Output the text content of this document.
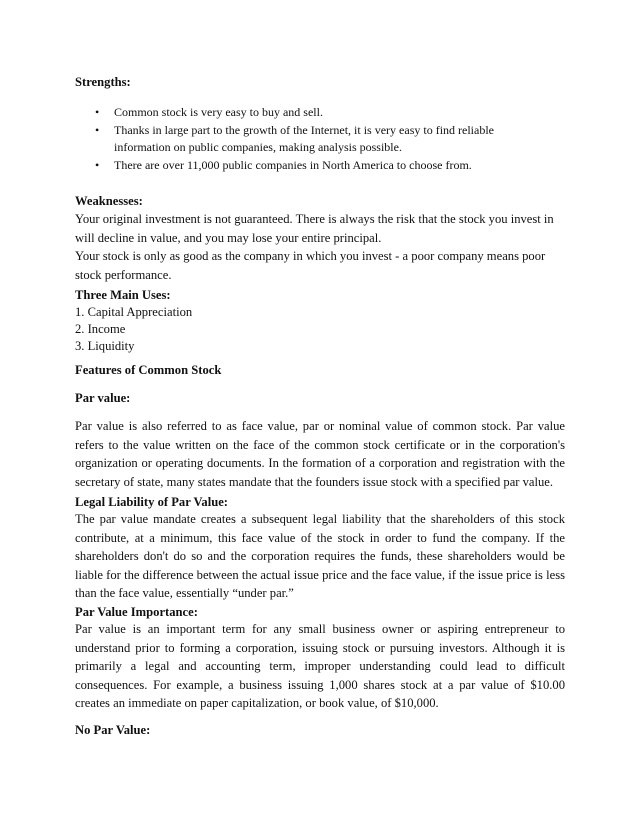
Strengths:

• Common stock is very easy to buy and sell.
• Thanks in large part to the growth of the Internet, it is very easy to find reliable information on public companies, making analysis possible.
• There are over 11,000 public companies in North America to choose from.

Weaknesses:

Your original investment is not guaranteed. There is always the risk that the stock you invest in will decline in value, and you may lose your entire principal.

Your stock is only as good as the company in which you invest - a poor company means poor stock performance.

Three Main Uses:

1. Capital Appreciation

2. Income

3. Liquidity

Features of Common Stock

Par value:

Par value is also referred to as face value, par or nominal value of common stock. Par value refers to the value written on the face of the common stock certificate or in the corporation's organization or operating documents. In the formation of a corporation and registration with the secretary of state, many states mandate that the founders issue stock with a specified par value.

Legal Liability of Par Value:

The par value mandate creates a subsequent legal liability that the shareholders of this stock contribute, at a minimum, this face value of the stock in order to fund the company. If the shareholders don't do so and the corporation requires the funds, these shareholders would be liable for the difference between the actual issue price and the face value, if the issue price is less than the face value, essentially “under par.”

Par Value Importance:

Par value is an important term for any small business owner or aspiring entrepreneur to understand prior to forming a corporation, issuing stock or pursuing investors. Although it is primarily a legal and accounting term, improper understanding could lead to difficult consequences. For example, a business issuing 1,000 shares stock at a par value of $10.00 creates an immediate on paper capitalization, or book value, of $10,000.

No Par Value:
